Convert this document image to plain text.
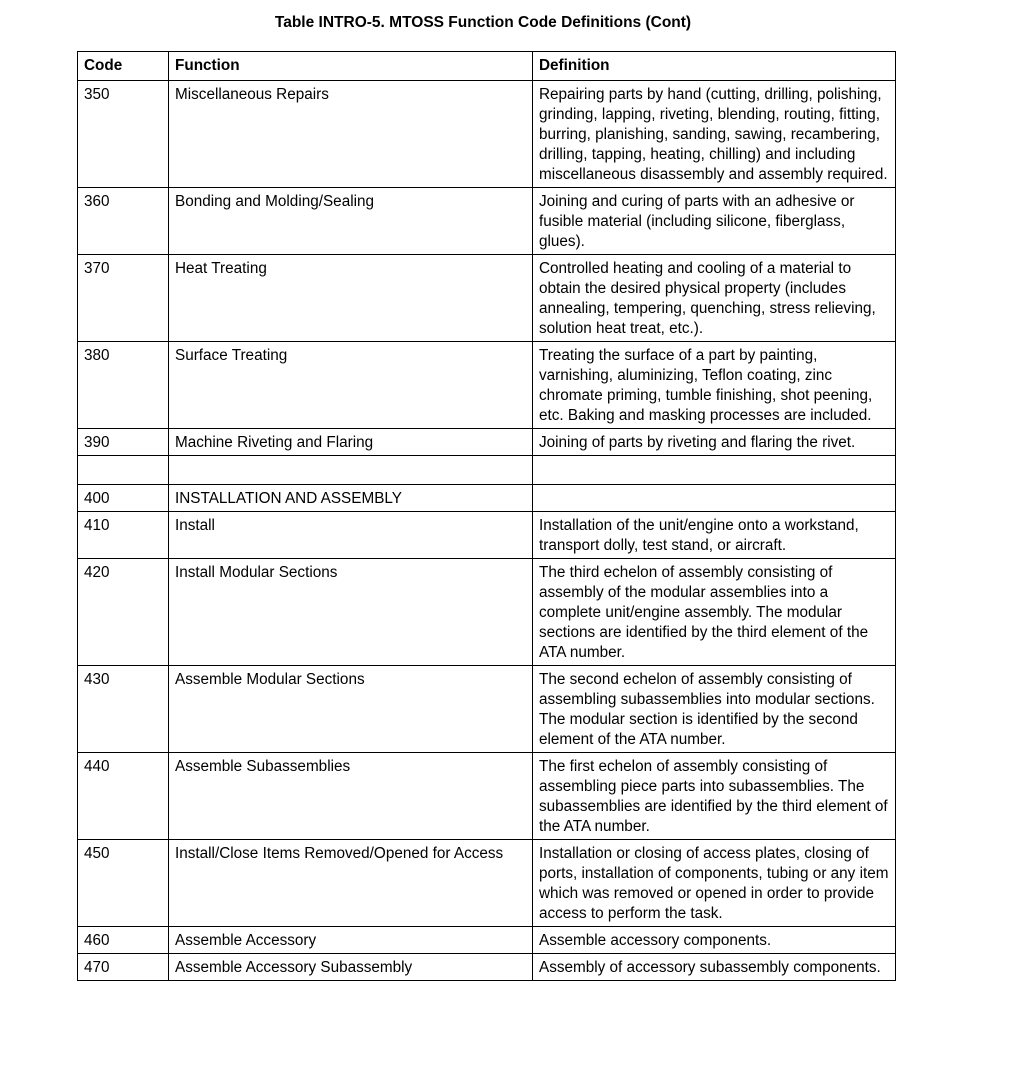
Table INTRO-5. MTOSS Function Code Definitions (Cont)
Code	Function	Definition
350	Miscellaneous Repairs	Repairing parts by hand (cutting, drilling, polishing, grinding, lapping, riveting, blending, routing, fitting, burring, planishing, sanding, sawing, recambering, drilling, tapping, heating, chilling) and including miscellaneous disassembly and assembly required.
360	Bonding and Molding/Sealing	Joining and curing of parts with an adhesive or fusible material (including silicone, fiberglass, glues).
370	Heat Treating	Controlled heating and cooling of a material to obtain the desired physical property (includes annealing, tempering, quenching, stress relieving, solution heat treat, etc.).
380	Surface Treating	Treating the surface of a part by painting, varnishing, aluminizing, Teflon coating, zinc chromate priming, tumble finishing, shot peening, etc. Baking and masking processes are included.
390	Machine Riveting and Flaring	Joining of parts by riveting and flaring the rivet.

400	INSTALLATION AND ASSEMBLY	
410	Install	Installation of the unit/engine onto a workstand, transport dolly, test stand, or aircraft.
420	Install Modular Sections	The third echelon of assembly consisting of assembly of the modular assemblies into a complete unit/engine assembly. The modular sections are identified by the third element of the ATA number.
430	Assemble Modular Sections	The second echelon of assembly consisting of assembling subassemblies into modular sections. The modular section is identified by the second element of the ATA number.
440	Assemble Subassemblies	The first echelon of assembly consisting of assembling piece parts into subassemblies. The subassemblies are identified by the third element of the ATA number.
450	Install/Close Items Removed/Opened for Access	Installation or closing of access plates, closing of ports, installation of components, tubing or any item which was removed or opened in order to provide access to perform the task.
460	Assemble Accessory	Assemble accessory components.
470	Assemble Accessory Subassembly	Assembly of accessory subassembly components.
